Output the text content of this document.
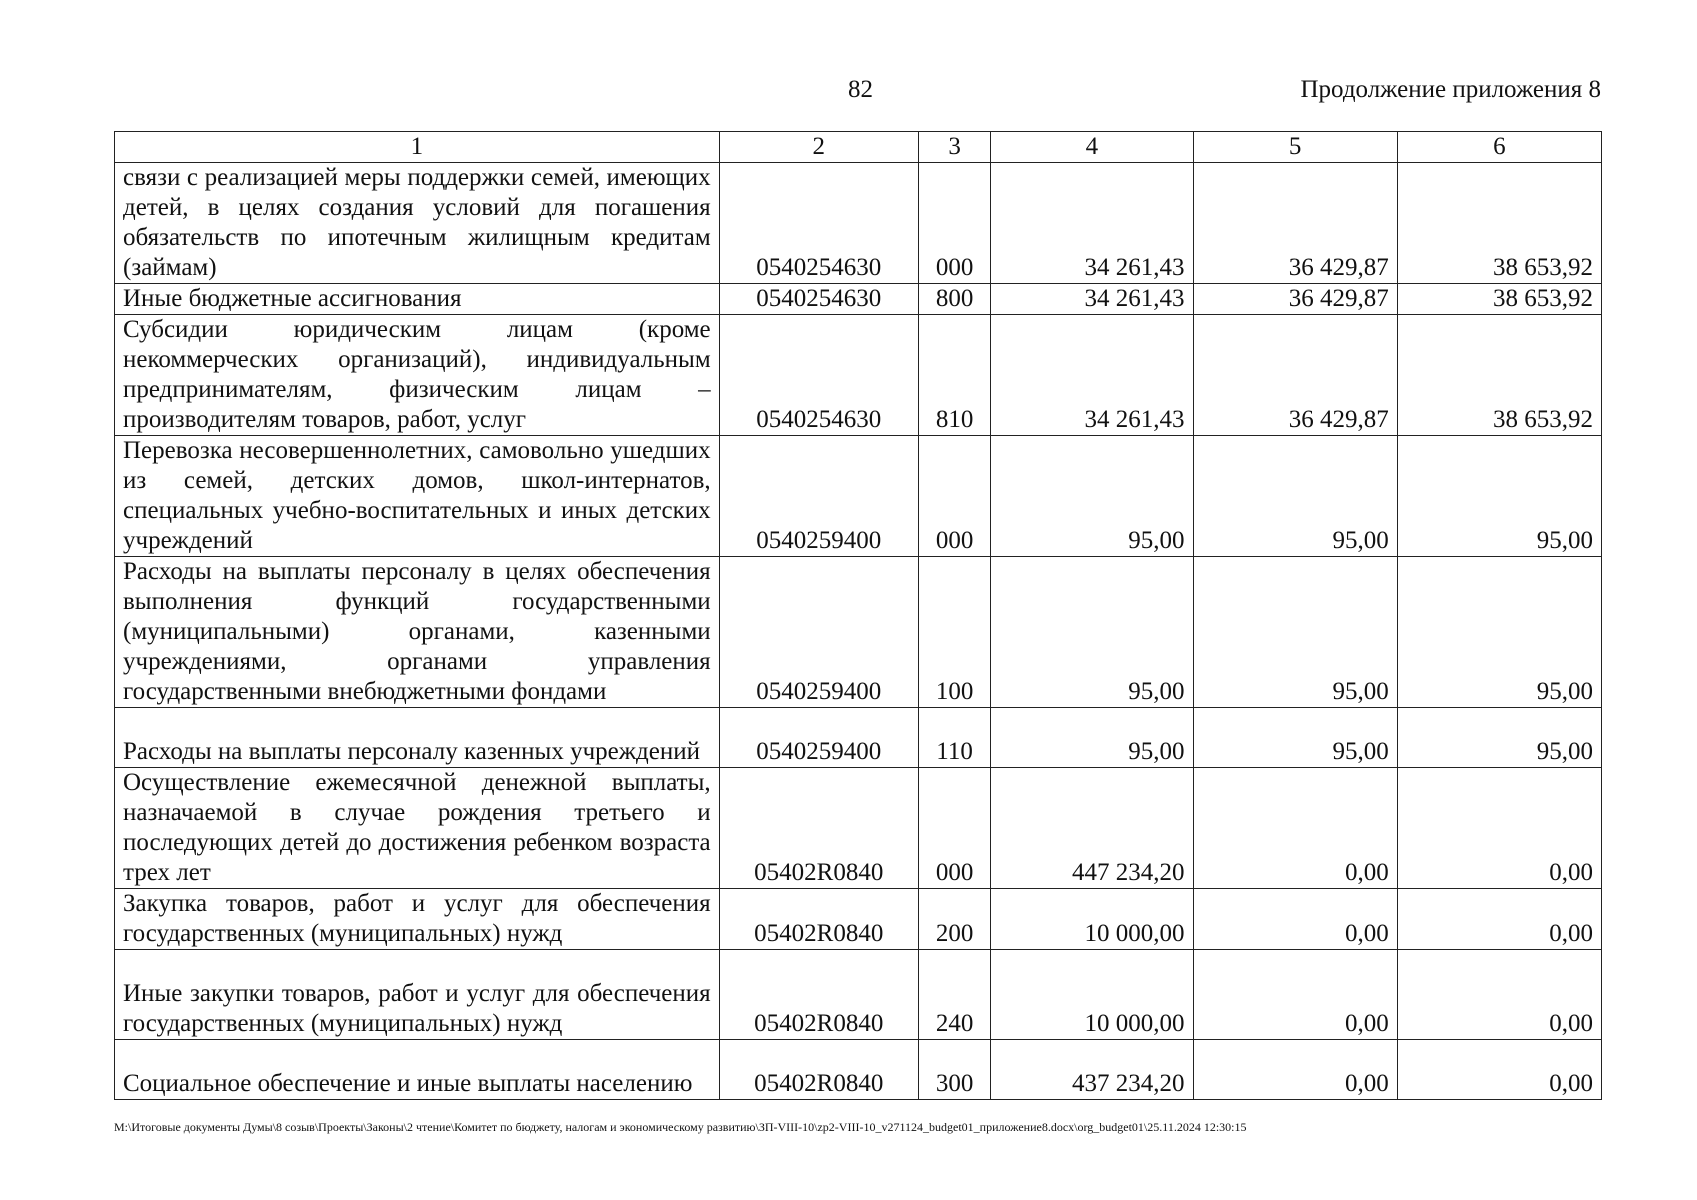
82	Продолжение приложения 8
1	2	3	4	5	6
связи с реализацией меры поддержки семей, имеющих детей, в целях создания условий для погашения обязательств по ипотечным жилищным кредитам (займам)	0540254630	000	34 261,43	36 429,87	38 653,92
Иные бюджетные ассигнования	0540254630	800	34 261,43	36 429,87	38 653,92
Субсидии юридическим лицам (кроме некоммерческих организаций), индивидуальным предпринимателям, физическим лицам – производителям товаров, работ, услуг	0540254630	810	34 261,43	36 429,87	38 653,92
Перевозка несовершеннолетних, самовольно ушедших из семей, детских домов, школ-интернатов, специальных учебно-воспитательных и иных детских учреждений	0540259400	000	95,00	95,00	95,00
Расходы на выплаты персоналу в целях обеспечения выполнения функций государственными (муниципальными) органами, казенными учреждениями, органами управления государственными внебюджетными фондами	0540259400	100	95,00	95,00	95,00
Расходы на выплаты персоналу казенных учреждений	0540259400	110	95,00	95,00	95,00
Осуществление ежемесячной денежной выплаты, назначаемой в случае рождения третьего и последующих детей до достижения ребенком возраста трех лет	05402R0840	000	447 234,20	0,00	0,00
Закупка товаров, работ и услуг для обеспечения государственных (муниципальных) нужд	05402R0840	200	10 000,00	0,00	0,00
Иные закупки товаров, работ и услуг для обеспечения государственных (муниципальных) нужд	05402R0840	240	10 000,00	0,00	0,00
Социальное обеспечение и иные выплаты населению	05402R0840	300	437 234,20	0,00	0,00
M:\Итоговые документы Думы\8 созыв\Проекты\Законы\2 чтение\Комитет по бюджету, налогам и экономическому развитию\ЗП-VIII-10\zp2-VIII-10_v271124_budget01_приложение8.docx\org_budget01\25.11.2024 12:30:15
